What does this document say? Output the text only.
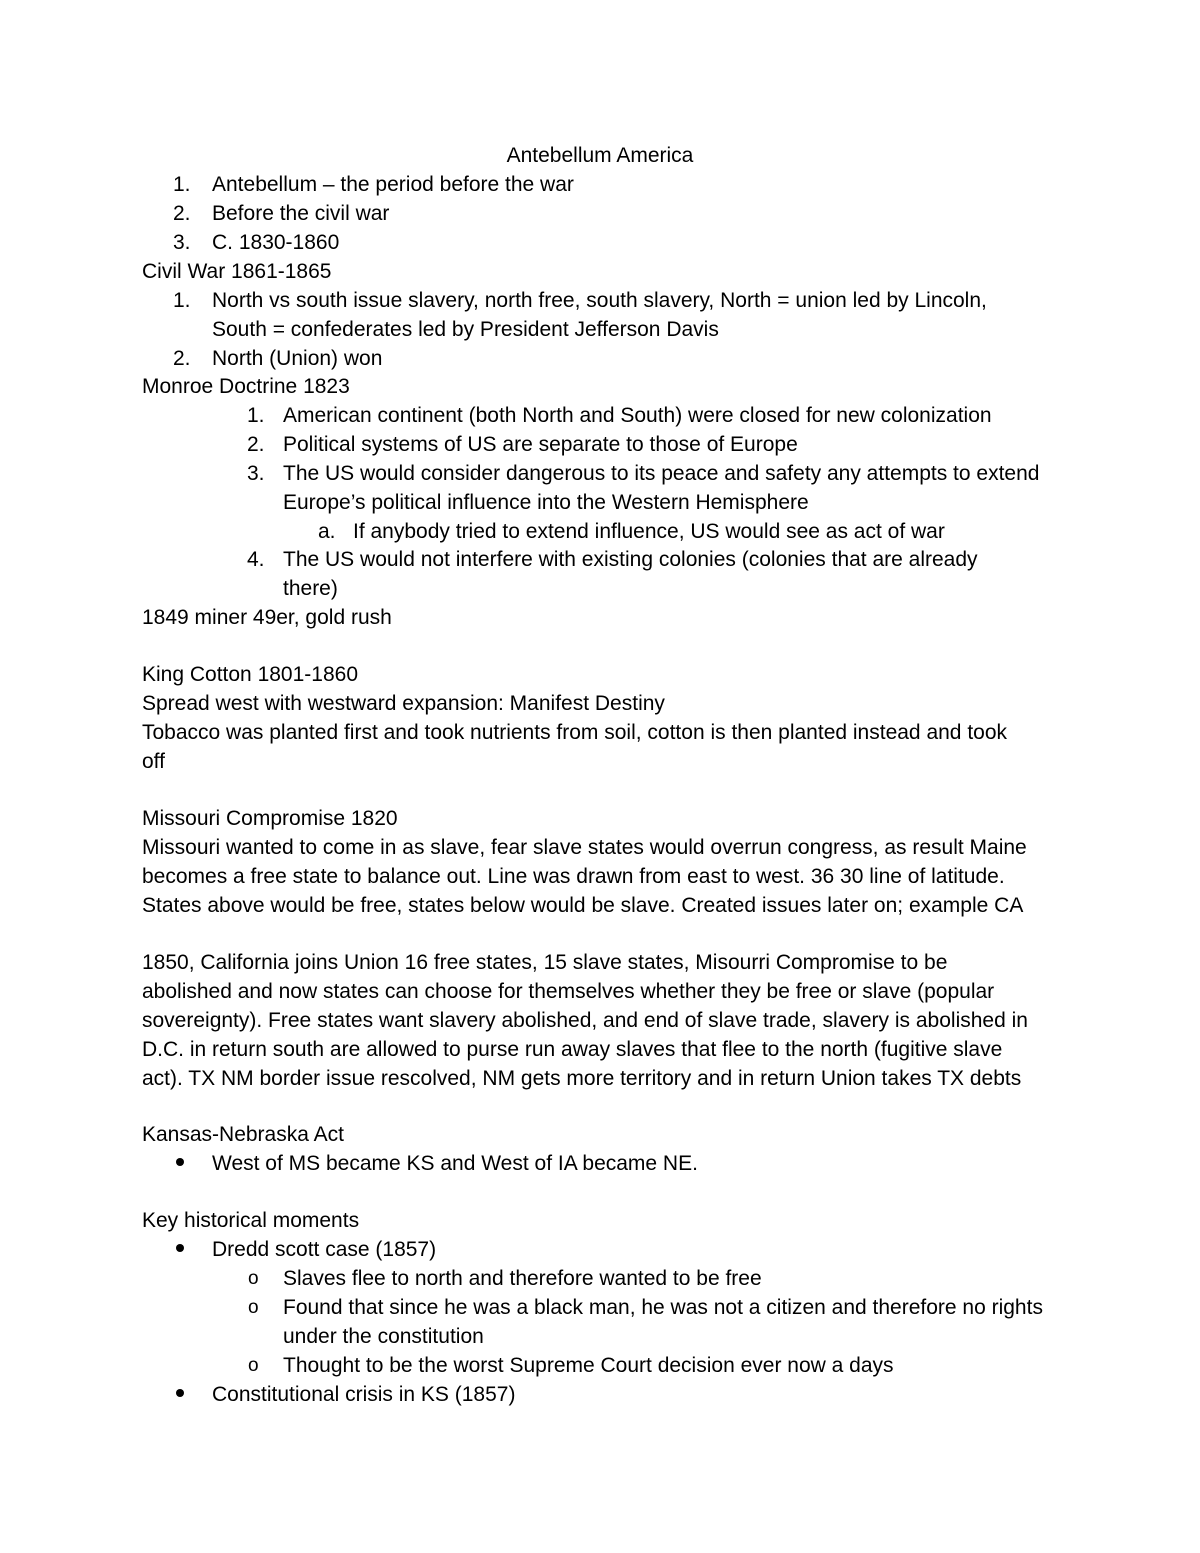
Antebellum America
1. Antebellum – the period before the war
2. Before the civil war
3. C. 1830-1860
Civil War 1861-1865
1. North vs south issue slavery, north free, south slavery, North = union led by Lincoln,
South = confederates led by President Jefferson Davis
2. North (Union) won
Monroe Doctrine 1823
1. American continent (both North and South) were closed for new colonization
2. Political systems of US are separate to those of Europe
3. The US would consider dangerous to its peace and safety any attempts to extend
Europe’s political influence into the Western Hemisphere
a. If anybody tried to extend influence, US would see as act of war
4. The US would not interfere with existing colonies (colonies that are already
there)
1849 miner 49er, gold rush
King Cotton 1801-1860
Spread west with westward expansion: Manifest Destiny
Tobacco was planted first and took nutrients from soil, cotton is then planted instead and took
off
Missouri Compromise 1820
Missouri wanted to come in as slave, fear slave states would overrun congress, as result Maine
becomes a free state to balance out. Line was drawn from east to west. 36 30 line of latitude.
States above would be free, states below would be slave. Created issues later on; example CA
1850, California joins Union 16 free states, 15 slave states, Misourri Compromise to be
abolished and now states can choose for themselves whether they be free or slave (popular
sovereignty). Free states want slavery abolished, and end of slave trade, slavery is abolished in
D.C. in return south are allowed to purse run away slaves that flee to the north (fugitive slave
act). TX NM border issue rescolved, NM gets more territory and in return Union takes TX debts
Kansas-Nebraska Act
West of MS became KS and West of IA became NE.
Key historical moments
Dredd scott case (1857)
o Slaves flee to north and therefore wanted to be free
o Found that since he was a black man, he was not a citizen and therefore no rights
under the constitution
o Thought to be the worst Supreme Court decision ever now a days
Constitutional crisis in KS (1857)
